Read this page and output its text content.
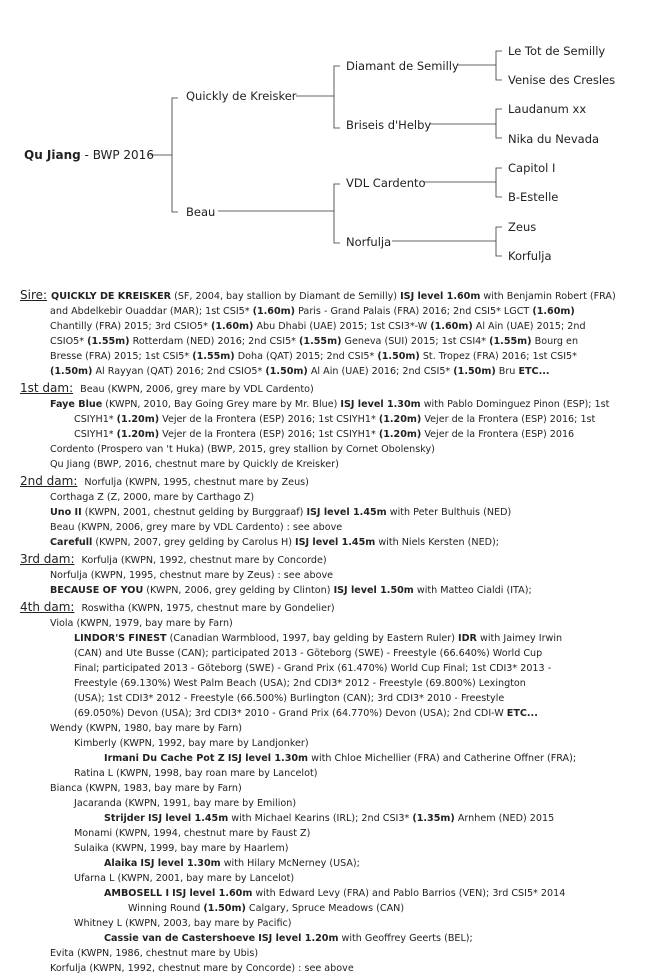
Qu Jiang - BWP 2016
Quickly de Kreisker
Beau
Diamant de Semilly
Briseis d'Helby
VDL Cardento
Norfulja
Le Tot de Semilly
Venise des Cresles
Laudanum xx
Nika du Nevada
Capitol I
B-Estelle
Zeus
Korfulja
Sire: QUICKLY DE KREISKER (SF, 2004, bay stallion by Diamant de Semilly) ISJ level 1.60m with Benjamin Robert (FRA)
and Abdelkebir Ouaddar (MAR); 1st CSI5* (1.60m) Paris - Grand Palais (FRA) 2016; 2nd CSI5* LGCT (1.60m)
Chantilly (FRA) 2015; 3rd CSIO5* (1.60m) Abu Dhabi (UAE) 2015; 1st CSI3*-W (1.60m) Al Ain (UAE) 2015; 2nd
CSIO5* (1.55m) Rotterdam (NED) 2016; 2nd CSI5* (1.55m) Geneva (SUI) 2015; 1st CSI4* (1.55m) Bourg en
Bresse (FRA) 2015; 1st CSI5* (1.55m) Doha (QAT) 2015; 2nd CSI5* (1.50m) St. Tropez (FRA) 2016; 1st CSI5*
(1.50m) Al Rayyan (QAT) 2016; 2nd CSIO5* (1.50m) Al Ain (UAE) 2016; 2nd CSI5* (1.50m) Bru ETC...
1st dam: Beau (KWPN, 2006, grey mare by VDL Cardento)
Faye Blue (KWPN, 2010, Bay Going Grey mare by Mr. Blue) ISJ level 1.30m with Pablo Dominguez Pinon (ESP); 1st
CSIYH1* (1.20m) Vejer de la Frontera (ESP) 2016; 1st CSIYH1* (1.20m) Vejer de la Frontera (ESP) 2016; 1st
CSIYH1* (1.20m) Vejer de la Frontera (ESP) 2016; 1st CSIYH1* (1.20m) Vejer de la Frontera (ESP) 2016
Cordento (Prospero van 't Huka) (BWP, 2015, grey stallion by Cornet Obolensky)
Qu Jiang (BWP, 2016, chestnut mare by Quickly de Kreisker)
2nd dam: Norfulja (KWPN, 1995, chestnut mare by Zeus)
Corthaga Z (Z, 2000, mare by Carthago Z)
Uno II (KWPN, 2001, chestnut gelding by Burggraaf) ISJ level 1.45m with Peter Bulthuis (NED)
Beau (KWPN, 2006, grey mare by VDL Cardento) : see above
Carefull (KWPN, 2007, grey gelding by Carolus H) ISJ level 1.45m with Niels Kersten (NED);
3rd dam: Korfulja (KWPN, 1992, chestnut mare by Concorde)
Norfulja (KWPN, 1995, chestnut mare by Zeus) : see above
BECAUSE OF YOU (KWPN, 2006, grey gelding by Clinton) ISJ level 1.50m with Matteo Cialdi (ITA);
4th dam: Roswitha (KWPN, 1975, chestnut mare by Gondelier)
Viola (KWPN, 1979, bay mare by Farn)
LINDOR'S FINEST (Canadian Warmblood, 1997, bay gelding by Eastern Ruler) IDR with Jaimey Irwin
(CAN) and Ute Busse (CAN); participated 2013 - Göteborg (SWE) - Freestyle (66.640%) World Cup
Final; participated 2013 - Göteborg (SWE) - Grand Prix (61.470%) World Cup Final; 1st CDI3* 2013 -
Freestyle (69.130%) West Palm Beach (USA); 2nd CDI3* 2012 - Freestyle (69.800%) Lexington
(USA); 1st CDI3* 2012 - Freestyle (66.500%) Burlington (CAN); 3rd CDI3* 2010 - Freestyle
(69.050%) Devon (USA); 3rd CDI3* 2010 - Grand Prix (64.770%) Devon (USA); 2nd CDI-W ETC...
Wendy (KWPN, 1980, bay mare by Farn)
Kimberly (KWPN, 1992, bay mare by Landjonker)
Irmani Du Cache Pot Z ISJ level 1.30m with Chloe Michellier (FRA) and Catherine Offner (FRA);
Ratina L (KWPN, 1998, bay roan mare by Lancelot)
Bianca (KWPN, 1983, bay mare by Farn)
Jacaranda (KWPN, 1991, bay mare by Emilion)
Strijder ISJ level 1.45m with Michael Kearins (IRL); 2nd CSI3* (1.35m) Arnhem (NED) 2015
Monami (KWPN, 1994, chestnut mare by Faust Z)
Sulaika (KWPN, 1999, bay mare by Haarlem)
Alaika ISJ level 1.30m with Hilary McNerney (USA);
Ufarna L (KWPN, 2001, bay mare by Lancelot)
AMBOSELL I ISJ level 1.60m with Edward Levy (FRA) and Pablo Barrios (VEN); 3rd CSI5* 2014
Winning Round (1.50m) Calgary, Spruce Meadows (CAN)
Whitney L (KWPN, 2003, bay mare by Pacific)
Cassie van de Castershoeve ISJ level 1.20m with Geoffrey Geerts (BEL);
Evita (KWPN, 1986, chestnut mare by Ubis)
Korfulja (KWPN, 1992, chestnut mare by Concorde) : see above
